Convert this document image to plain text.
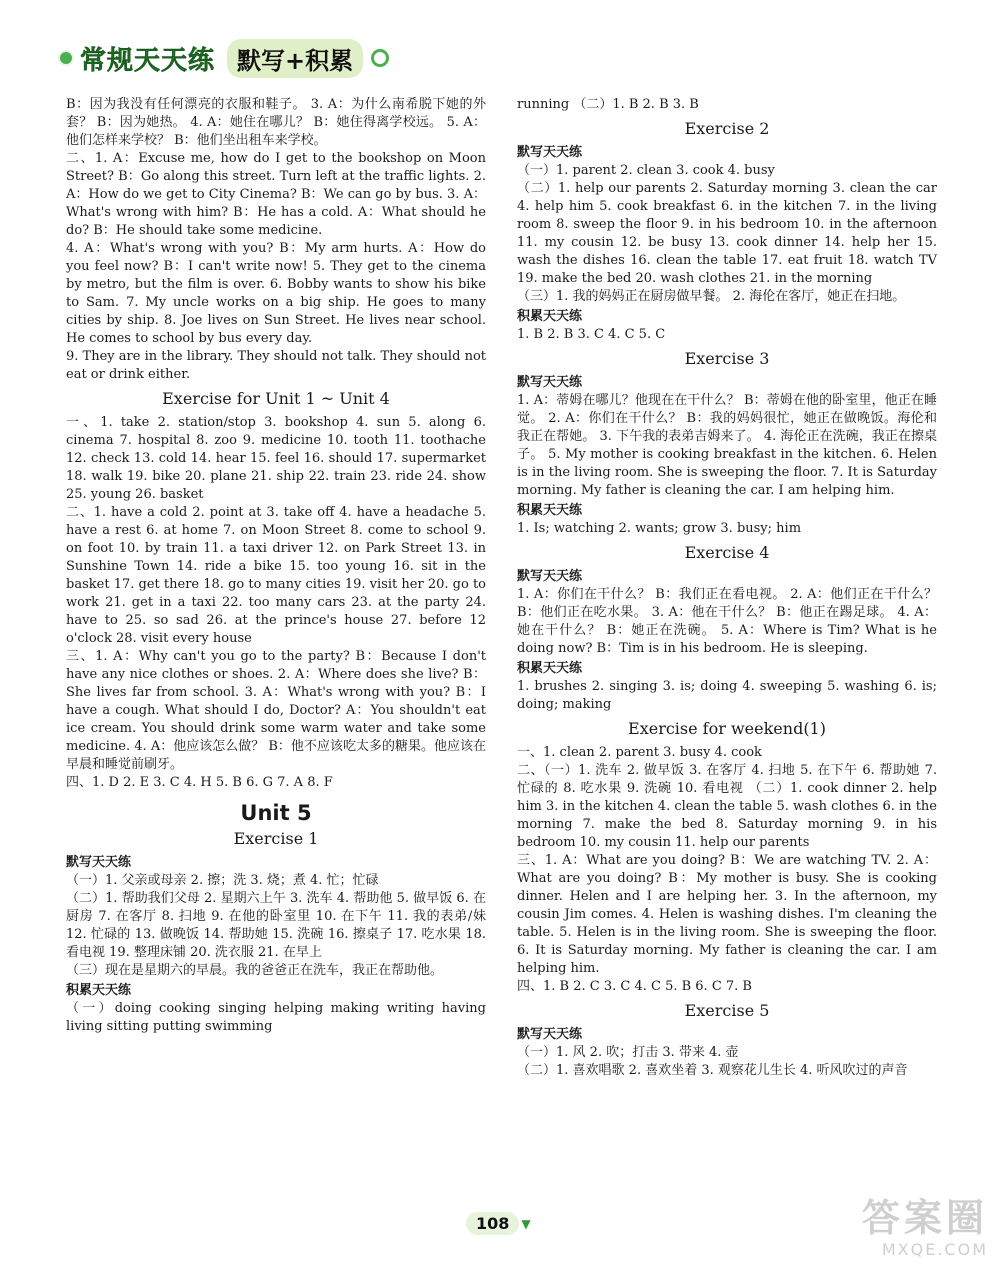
常规天天练 默写+积累

B：因为我没有任何漂亮的衣服和鞋子。 3. A：为什么南希脱下她的外套？ B：因为她热。 4. A：她住在哪儿？ B：她住得离学校远。 5. A：他们怎样来学校？ B：他们坐出租车来学校。

二、1. A：Excuse me, how do I get to the bookshop on Moon Street? B：Go along this street. Turn left at the traffic lights. 2. A：How do we get to City Cinema? B：We can go by bus. 3. A：What's wrong with him? B：He has a cold. A：What should he do? B：He should take some medicine.

4. A：What's wrong with you? B：My arm hurts. A：How do you feel now? B：I can't write now! 5. They get to the cinema by metro, but the film is over. 6. Bobby wants to show his bike to Sam. 7. My uncle works on a big ship. He goes to many cities by ship. 8. Joe lives on Sun Street. He lives near school. He comes to school by bus every day.

9. They are in the library. They should not talk. They should not eat or drink either.

Exercise for Unit 1 ~ Unit 4

一、1. take 2. station/stop 3. bookshop 4. sun 5. along 6. cinema 7. hospital 8. zoo 9. medicine 10. tooth 11. toothache 12. check 13. cold 14. hear 15. feel 16. should 17. supermarket 18. walk 19. bike 20. plane 21. ship 22. train 23. ride 24. show 25. young 26. basket

二、1. have a cold 2. point at 3. take off 4. have a headache 5. have a rest 6. at home 7. on Moon Street 8. come to school 9. on foot 10. by train 11. a taxi driver 12. on Park Street 13. in Sunshine Town 14. ride a bike 15. too young 16. sit in the basket 17. get there 18. go to many cities 19. visit her 20. go to work 21. get in a taxi 22. too many cars 23. at the party 24. have to 25. so sad 26. at the prince's house 27. before 12 o'clock 28. visit every house

三、1. A：Why can't you go to the party? B：Because I don't have any nice clothes or shoes. 2. A：Where does she live? B：She lives far from school. 3. A：What's wrong with you? B：I have a cough. What should I do, Doctor? A：You shouldn't eat ice cream. You should drink some warm water and take some medicine. 4. A：他应该怎么做？ B：他不应该吃太多的糖果。他应该在早晨和睡觉前刷牙。

四、1. D 2. E 3. C 4. H 5. B 6. G 7. A 8. F

Unit 5
Exercise 1
默写天天练

（一）1. 父亲或母亲 2. 擦；洗 3. 烧；煮 4. 忙；忙碌

（二）1. 帮助我们父母 2. 星期六上午 3. 洗车 4. 帮助他 5. 做早饭 6. 在厨房 7. 在客厅 8. 扫地 9. 在他的卧室里 10. 在下午 11. 我的表弟/妹 12. 忙碌的 13. 做晚饭 14. 帮助她 15. 洗碗 16. 擦桌子 17. 吃水果 18. 看电视 19. 整理床铺 20. 洗衣服 21. 在早上

（三）现在是星期六的早晨。我的爸爸正在洗车，我正在帮助他。

积累天天练

（一）doing cooking singing helping making writing having living sitting putting swimming

running （二）1. B 2. B 3. B

Exercise 2
默写天天练

（一）1. parent 2. clean 3. cook 4. busy

（二）1. help our parents 2. Saturday morning 3. clean the car 4. help him 5. cook breakfast 6. in the kitchen 7. in the living room 8. sweep the floor 9. in his bedroom 10. in the afternoon 11. my cousin 12. be busy 13. cook dinner 14. help her 15. wash the dishes 16. clean the table 17. eat fruit 18. watch TV 19. make the bed 20. wash clothes 21. in the morning

（三）1. 我的妈妈正在厨房做早餐。 2. 海伦在客厅，她正在扫地。

积累天天练

1. B 2. B 3. C 4. C 5. C

Exercise 3
默写天天练

1. A：蒂姆在哪儿？他现在在干什么？ B：蒂姆在他的卧室里，他正在睡觉。 2. A：你们在干什么？ B：我的妈妈很忙，她正在做晚饭。海伦和我正在帮她。 3. 下午我的表弟吉姆来了。 4. 海伦正在洗碗，我正在擦桌子。 5. My mother is cooking breakfast in the kitchen. 6. Helen is in the living room. She is sweeping the floor. 7. It is Saturday morning. My father is cleaning the car. I am helping him.

积累天天练

1. Is; watching 2. wants; grow 3. busy; him

Exercise 4
默写天天练

1. A：你们在干什么？ B：我们正在看电视。 2. A：他们正在干什么？ B：他们正在吃水果。 3. A：他在干什么？ B：他正在踢足球。 4. A：她在干什么？ B：她正在洗碗。 5. A：Where is Tim? What is he doing now? B：Tim is in his bedroom. He is sleeping.

积累天天练

1. brushes 2. singing 3. is; doing 4. sweeping 5. washing 6. is; doing; making

Exercise for weekend(1)

一、1. clean 2. parent 3. busy 4. cook

二、（一）1. 洗车 2. 做早饭 3. 在客厅 4. 扫地 5. 在下午 6. 帮助她 7. 忙碌的 8. 吃水果 9. 洗碗 10. 看电视 （二）1. cook dinner 2. help him 3. in the kitchen 4. clean the table 5. wash clothes 6. in the morning 7. make the bed 8. Saturday morning 9. in his bedroom 10. my cousin 11. help our parents

三、1. A：What are you doing? B：We are watching TV. 2. A：What are you doing? B：My mother is busy. She is cooking dinner. Helen and I are helping her. 3. In the afternoon, my cousin Jim comes. 4. Helen is washing dishes. I'm cleaning the table. 5. Helen is in the living room. She is sweeping the floor. 6. It is Saturday morning. My father is cleaning the car. I am helping him.

四、1. B 2. C 3. C 4. C 5. B 6. C 7. B

Exercise 5
默写天天练

（一）1. 风 2. 吹；打击 3. 带来 4. 壶

（二）1. 喜欢唱歌 2. 喜欢坐着 3. 观察花儿生长 4. 听风吹过的声音

108	▼	答案圈
MXQE.COM
